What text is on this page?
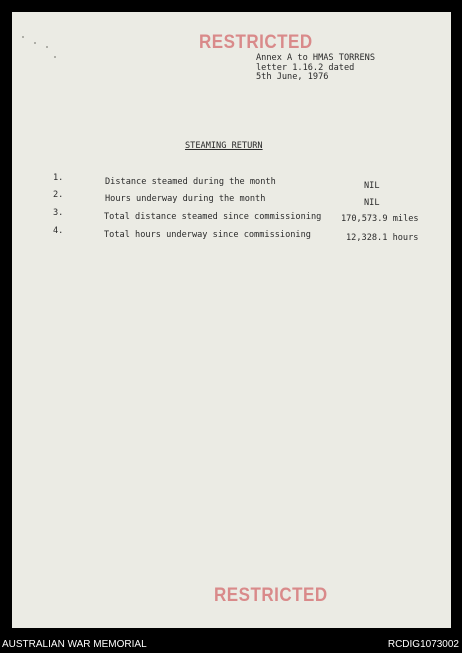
RESTRICTED
Annex A to HMAS TORRENS
letter 1.16.2 dated
5th June, 1976
STEAMING RETURN
1.	Distance steamed during the month	NIL
2.	Hours underway during the month	NIL
3.	Total distance steamed since commissioning 170,573.9 miles
4.	Total hours underway since commissioning	12,328.1 hours
RESTRICTED
AUSTRALIAN WAR MEMORIAL	RCDIG1073002
